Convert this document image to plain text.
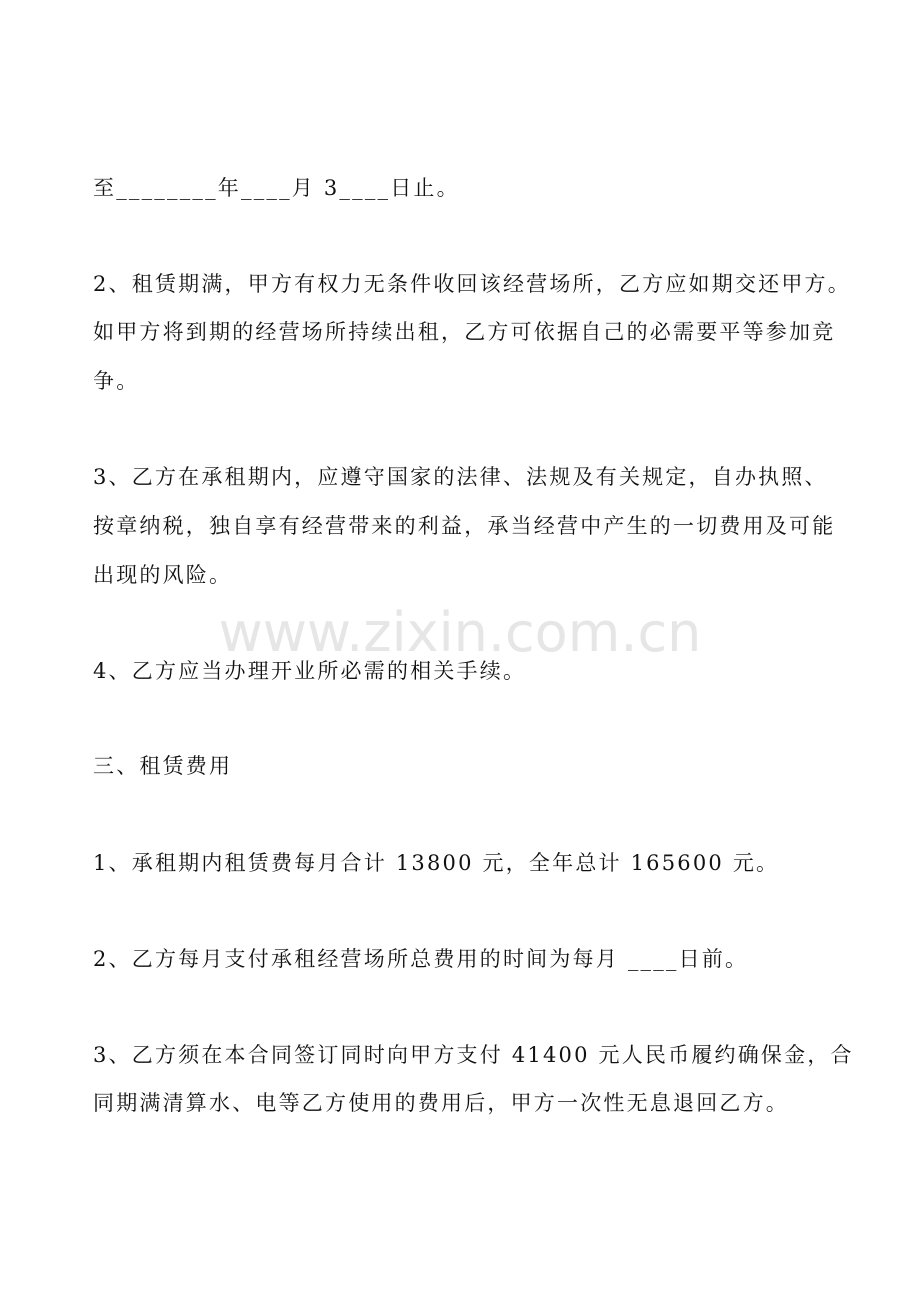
www.zixin.com.cn
至________年____月 3____日止。
2、租赁期满，甲方有权力无条件收回该经营场所，乙方应如期交还甲方。
如甲方将到期的经营场所持续出租，乙方可依据自己的必需要平等参加竞
争。
3、乙方在承租期内，应遵守国家的法律、法规及有关规定，自办执照、
按章纳税，独自享有经营带来的利益，承当经营中产生的一切费用及可能
出现的风险。
4、乙方应当办理开业所必需的相关手续。
三、租赁费用
1、承租期内租赁费每月合计 13800 元，全年总计 165600 元。
2、乙方每月支付承租经营场所总费用的时间为每月 ____日前。
3、乙方须在本合同签订同时向甲方支付 41400 元人民币履约确保金，合
同期满清算水、电等乙方使用的费用后，甲方一次性无息退回乙方。
